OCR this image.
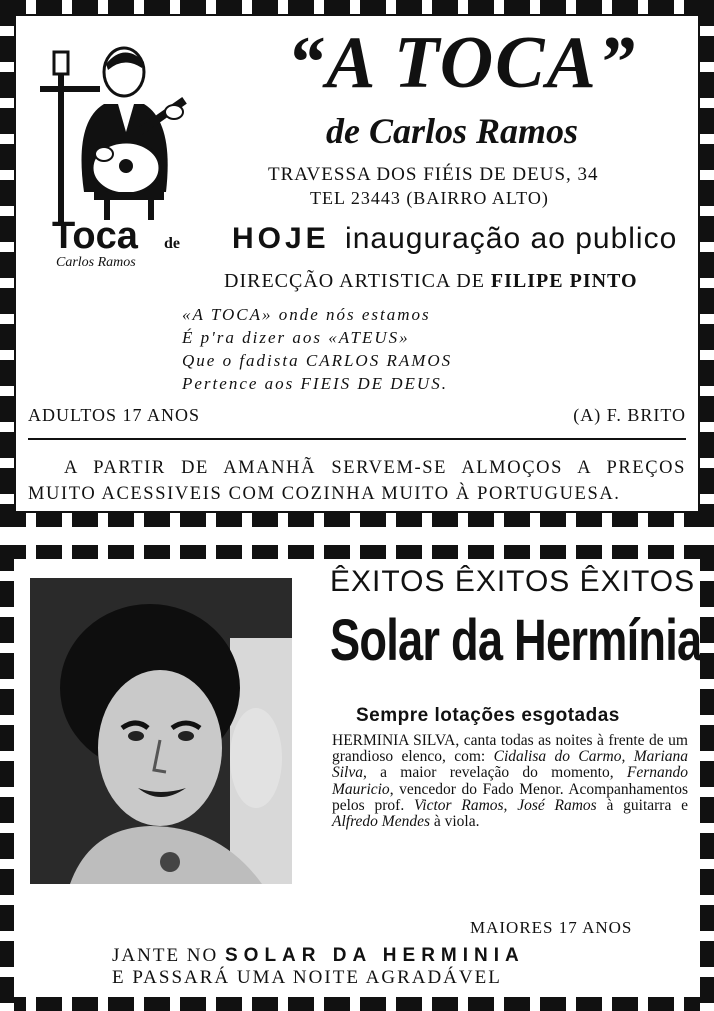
Toca de
Carlos Ramos
“A TOCA”
de Carlos Ramos
TRAVESSA DOS FIÉIS DE DEUS, 34
TEL 23443 (BAIRRO ALTO)
HOJE inauguração ao publico
DIRECÇÃO ARTISTICA DE FILIPE PINTO
«A TOCA» onde nós estamos
É p'ra dizer aos «ATEUS»
Que o fadista CARLOS RAMOS
Pertence aos FIEIS DE DEUS.
ADULTOS 17 ANOS	(A) F. BRITO
A PARTIR DE AMANHÃ SERVEM-SE ALMOÇOS A PREÇOS
MUITO ACESSIVEIS COM COZINHA MUITO À PORTUGUESA.
ÊXITOS ÊXITOS ÊXITOS
Solar da Hermínia
Sempre lotações esgotadas
HERMINIA SILVA, canta todas as noites à frente de um grandioso elenco, com: Cidalisa do Carmo, Mariana Silva, a maior revelação do momento, Fernando Mauricio, vencedor do Fado Menor. Acompanhamentos pelos prof. Victor Ramos, José Ramos à guitarra e Alfredo Mendes à viola.
MAIORES 17 ANOS
JANTE NO SOLAR DA HERMINIA
E PASSARÁ UMA NOITE AGRADÁVEL
